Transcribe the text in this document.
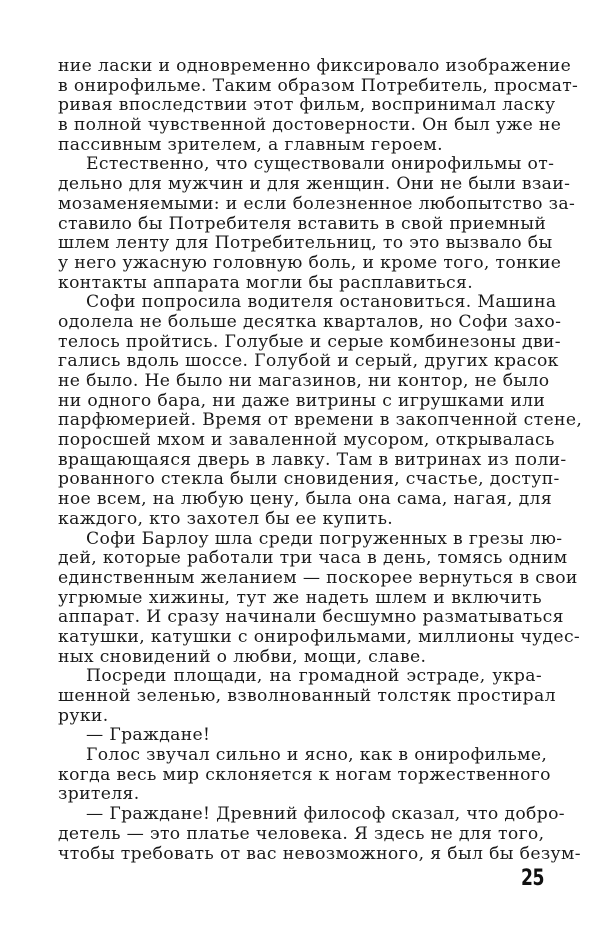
ние ласки и одновременно фиксировало изображение
в онирофильме. Таким образом Потребитель, просмат-
ривая впоследствии этот фильм, воспринимал ласку
в полной чувственной достоверности. Он был уже не
пассивным зрителем, а главным героем.
Естественно, что существовали онирофильмы от-
дельно для мужчин и для женщин. Они не были взаи-
мозаменяемыми: и если болезненное любопытство за-
ставило бы Потребителя вставить в свой приемный
шлем ленту для Потребительниц, то это вызвало бы
у него ужасную головную боль, и кроме того, тонкие
контакты аппарата могли бы расплавиться.
Софи попросила водителя остановиться. Машина
одолела не больше десятка кварталов, но Софи захо-
телось пройтись. Голубые и серые комбинезоны дви-
гались вдоль шоссе. Голубой и серый, других красок
не было. Не было ни магазинов, ни контор, не было
ни одного бара, ни даже витрины с игрушками или
парфюмерией. Время от времени в закопченной стене,
поросшей мхом и заваленной мусором, открывалась
вращающаяся дверь в лавку. Там в витринах из поли-
рованного стекла были сновидения, счастье, доступ-
ное всем, на любую цену, была она сама, нагая, для
каждого, кто захотел бы ее купить.
Софи Барлоу шла среди погруженных в грезы лю-
дей, которые работали три часа в день, томясь одним
единственным желанием — поскорее вернуться в свои
угрюмые хижины, тут же надеть шлем и включить
аппарат. И сразу начинали бесшумно разматываться
катушки, катушки с онирофильмами, миллионы чудес-
ных сновидений о любви, мощи, славе.
Посреди площади, на громадной эстраде, укра-
шенной зеленью, взволнованный толстяк простирал
руки.
— Граждане!
Голос звучал сильно и ясно, как в онирофильме,
когда весь мир склоняется к ногам торжественного
зрителя.
— Граждане! Древний философ сказал, что добро-
детель — это платье человека. Я здесь не для того,
чтобы требовать от вас невозможного, я был бы безум-
25
